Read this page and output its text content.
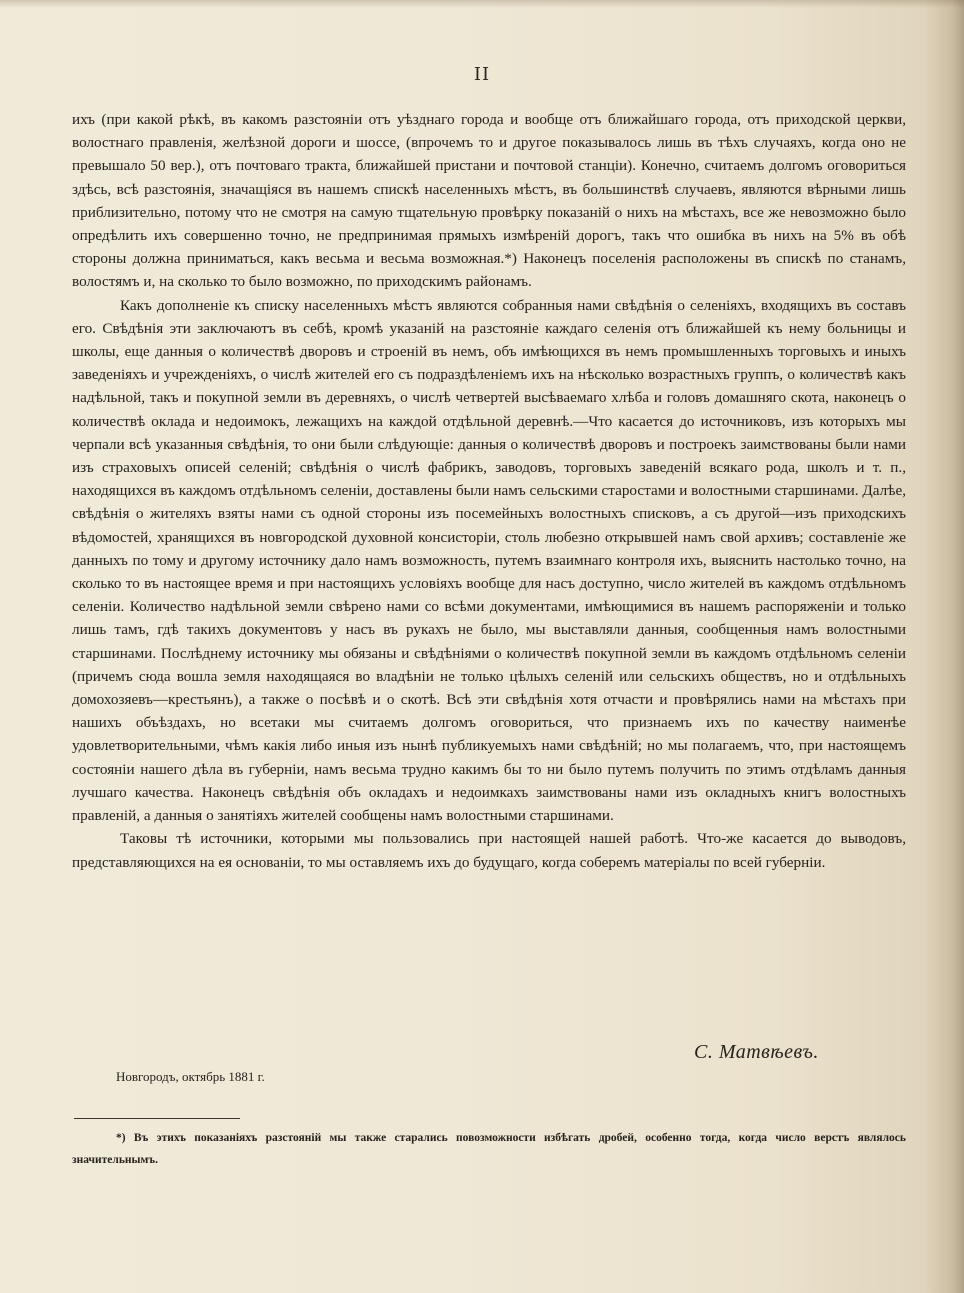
II

ихъ (при какой рѣкѣ, въ какомъ разстояніи отъ уѣзднаго города и вообще отъ ближайшаго города, отъ приходской церкви, волостнаго правленія, желѣзной дороги и шоссе, (впрочемъ то и другое показывалось лишь въ тѣхъ случаяхъ, когда оно не превышало 50 вер.), отъ почтоваго тракта, ближайшей пристани и почтовой станціи). Конечно, считаемъ долгомъ оговориться здѣсь, всѣ разстоянія, значащіяся въ нашемъ спискѣ населенныхъ мѣстъ, въ большинствѣ случаевъ, являются вѣрными лишь приблизительно, потому что не смотря на самую тщательную провѣрку показаній о нихъ на мѣстахъ, все же невозможно было опредѣлить ихъ совершенно точно, не предпринимая прямыхъ измѣреній дорогъ, такъ что ошибка въ нихъ на 5% въ обѣ стороны должна приниматься, какъ весьма и весьма возможная.*) Наконецъ поселенія расположены въ спискѣ по станамъ, волостямъ и, на сколько то было возможно, по приходскимъ районамъ.

Какъ дополненіе къ списку населенныхъ мѣстъ являются собранныя нами свѣдѣнія о селеніяхъ, входящихъ въ составъ его. Свѣдѣнія эти заключаютъ въ себѣ, кромѣ указаній на разстояніе каждаго селенія отъ ближайшей къ нему больницы и школы, еще данныя о количествѣ дворовъ и строеній въ немъ, объ имѣющихся въ немъ промышленныхъ торговыхъ и иныхъ заведеніяхъ и учрежденіяхъ, о числѣ жителей его съ подраздѣленіемъ ихъ на нѣсколько возрастныхъ группъ, о количествѣ какъ надѣльной, такъ и покупной земли въ деревняхъ, о числѣ четвертей высѣваемаго хлѣба и головъ домашняго скота, наконецъ о количествѣ оклада и недоимокъ, лежащихъ на каждой отдѣльной деревнѣ.—Что касается до источниковъ, изъ которыхъ мы черпали всѣ указанныя свѣдѣнія, то они были слѣдующіе: данныя о количествѣ дворовъ и построекъ заимствованы были нами изъ страховыхъ описей селеній; свѣдѣнія о числѣ фабрикъ, заводовъ, торговыхъ заведеній всякаго рода, школъ и т. п., находящихся въ каждомъ отдѣльномъ селеніи, доставлены были намъ сельскими старостами и волостными старшинами. Далѣе, свѣдѣнія о жителяхъ взяты нами съ одной стороны изъ посемейныхъ волостныхъ списковъ, а съ другой—изъ приходскихъ вѣдомостей, хранящихся въ новгородской духовной консисторіи, столь любезно открывшей намъ свой архивъ; составленіе же данныхъ по тому и другому источнику дало намъ возможность, путемъ взаимнаго контроля ихъ, выяснить настолько точно, на сколько то въ настоящее время и при настоящихъ условіяхъ вообще для насъ доступно, число жителей въ каждомъ отдѣльномъ селеніи. Количество надѣльной земли свѣрено нами со всѣми документами, имѣющимися въ нашемъ распоряженіи и только лишь тамъ, гдѣ такихъ документовъ у насъ въ рукахъ не было, мы выставляли данныя, сообщенныя намъ волостными старшинами. Послѣднему источнику мы обязаны и свѣдѣніями о количествѣ покупной земли въ каждомъ отдѣльномъ селеніи (причемъ сюда вошла земля находящаяся во владѣніи не только цѣлыхъ селеній или сельскихъ обществъ, но и отдѣльныхъ домохозяевъ—крестьянъ), а также о посѣвѣ и о скотѣ. Всѣ эти свѣдѣнія хотя отчасти и провѣрялись нами на мѣстахъ при нашихъ объѣздахъ, но всетаки мы считаемъ долгомъ оговориться, что признаемъ ихъ по качеству наименѣе удовлетворительными, чѣмъ какія либо иныя изъ нынѣ публикуемыхъ нами свѣдѣній; но мы полагаемъ, что, при настоящемъ состояніи нашего дѣла въ губерніи, намъ весьма трудно какимъ бы то ни было путемъ получить по этимъ отдѣламъ данныя лучшаго качества. Наконецъ свѣдѣнія объ окладахъ и недоимкахъ заимствованы нами изъ окладныхъ книгъ волостныхъ правленій, а данныя о занятіяхъ жителей сообщены намъ волостными старшинами.

Таковы тѣ источники, которыми мы пользовались при настоящей нашей работѣ. Что-же касается до выводовъ, представляющихся на ея основаніи, то мы оставляемъ ихъ до будущаго, когда соберемъ матеріалы по всей губерніи.

С. Матвѣевъ.
Новгородъ, октябрь 1881 г.
*) Въ этихъ показаніяхъ разстояній мы также старались повозможности избѣгать дробей, особенно тогда, когда число верстъ являлось значительнымъ.
